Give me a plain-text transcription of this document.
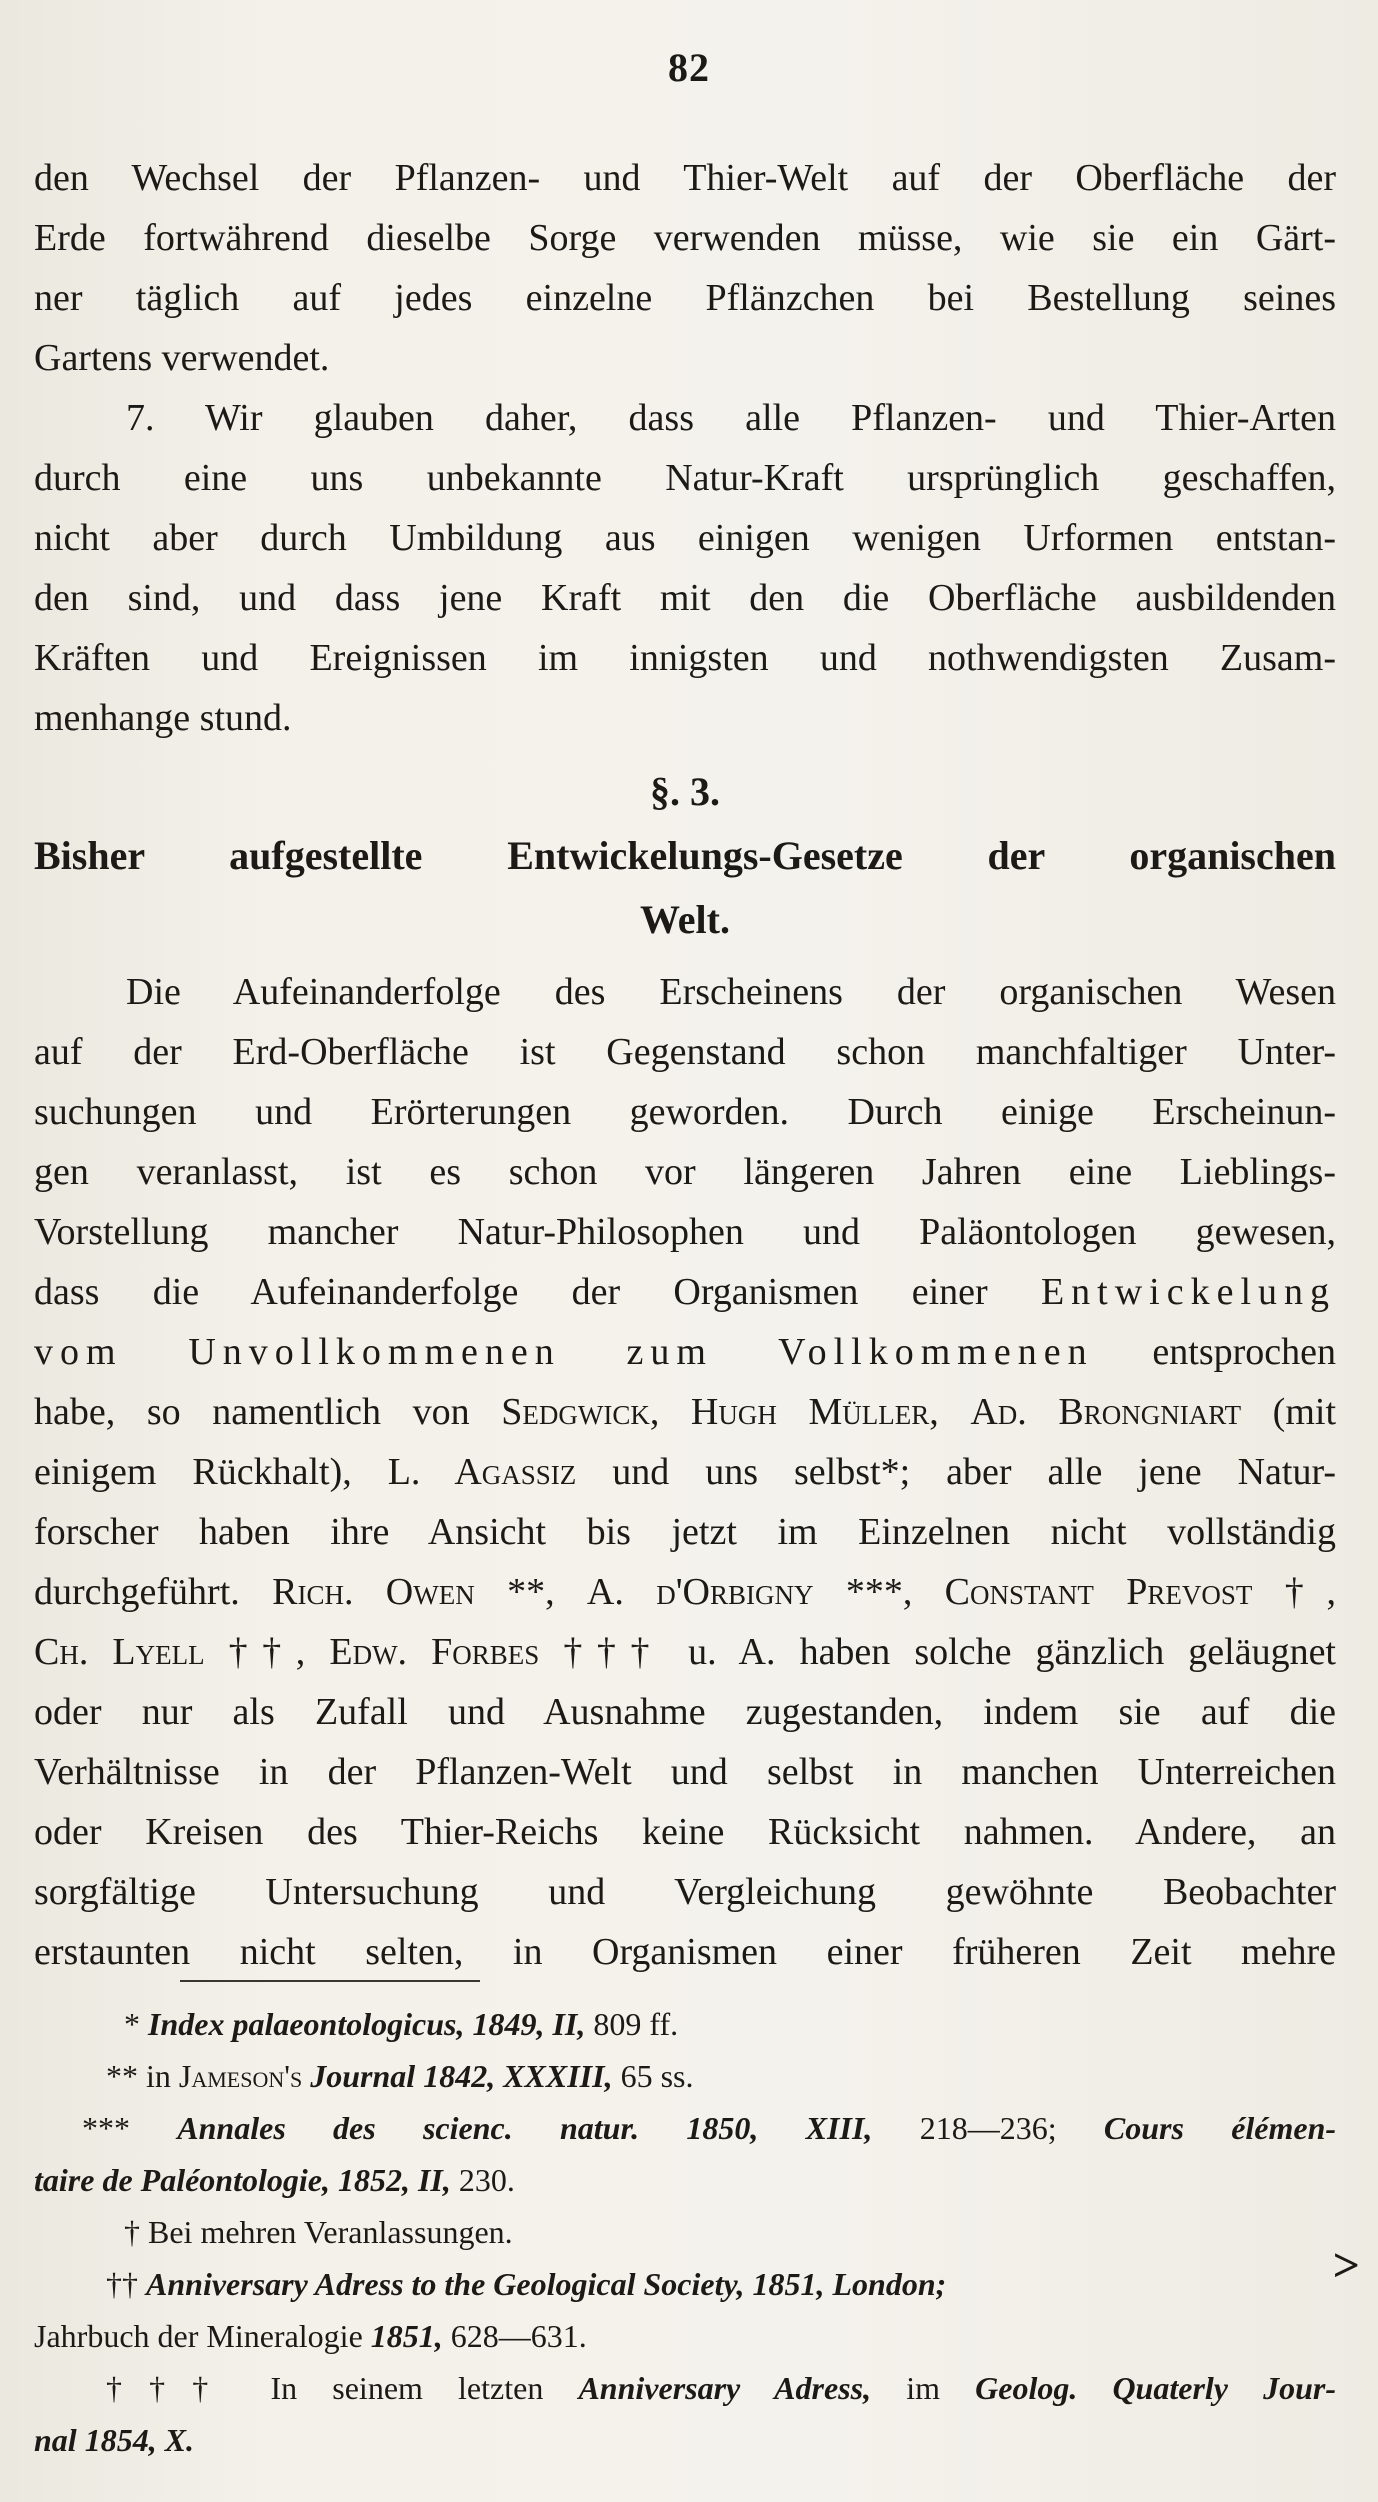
82
den Wechsel der Pflanzen- und Thier-Welt auf der Oberfläche der
Erde fortwährend dieselbe Sorge verwenden müsse, wie sie ein Gärt-
ner täglich auf jedes einzelne Pflänzchen bei Bestellung seines
Gartens verwendet.
7. Wir glauben daher, dass alle Pflanzen- und Thier-Arten
durch eine uns unbekannte Natur-Kraft ursprünglich geschaffen,
nicht aber durch Umbildung aus einigen wenigen Urformen entstan-
den sind, und dass jene Kraft mit den die Oberfläche ausbildenden
Kräften und Ereignissen im innigsten und nothwendigsten Zusam-
menhange stund.
§. 3.
Bisher aufgestellte Entwickelungs-Gesetze der organischen
Welt.
Die Aufeinanderfolge des Erscheinens der organischen Wesen
auf der Erd-Oberfläche ist Gegenstand schon manchfaltiger Unter-
suchungen und Erörterungen geworden. Durch einige Erscheinun-
gen veranlasst, ist es schon vor längeren Jahren eine Lieblings-
Vorstellung mancher Natur-Philosophen und Paläontologen gewesen,
dass die Aufeinanderfolge der Organismen einer Entwickelung
vom Unvollkommenen zum Vollkommenen entsprochen
habe, so namentlich von Sedgwick, Hugh Müller, Ad. Brongniart (mit
einigem Rückhalt), L. Agassiz und uns selbst*; aber alle jene Natur-
forscher haben ihre Ansicht bis jetzt im Einzelnen nicht vollständig
durchgeführt. Rich. Owen **, A. d'Orbigny ***, Constant Prevost †,
Ch. Lyell ††, Edw. Forbes ††† u. A. haben solche gänzlich geläugnet
oder nur als Zufall und Ausnahme zugestanden, indem sie auf die
Verhältnisse in der Pflanzen-Welt und selbst in manchen Unterreichen
oder Kreisen des Thier-Reichs keine Rücksicht nahmen. Andere, an
sorgfältige Untersuchung und Vergleichung gewöhnte Beobachter
erstaunten nicht selten, in Organismen einer früheren Zeit mehre
* Index palaeontologicus, 1849, II, 809 ff.
** in Jameson's Journal 1842, XXXIII, 65 ss.
*** Annales des scienc. natur. 1850, XIII, 218—236; Cours élémen-
taire de Paléontologie, 1852, II, 230.
† Bei mehren Veranlassungen.
†† Anniversary Adress to the Geological Society, 1851, London;
Jahrbuch der Mineralogie 1851, 628—631.
††† In seinem letzten Anniversary Adress, im Geolog. Quaterly Jour-
nal 1854, X.
>
